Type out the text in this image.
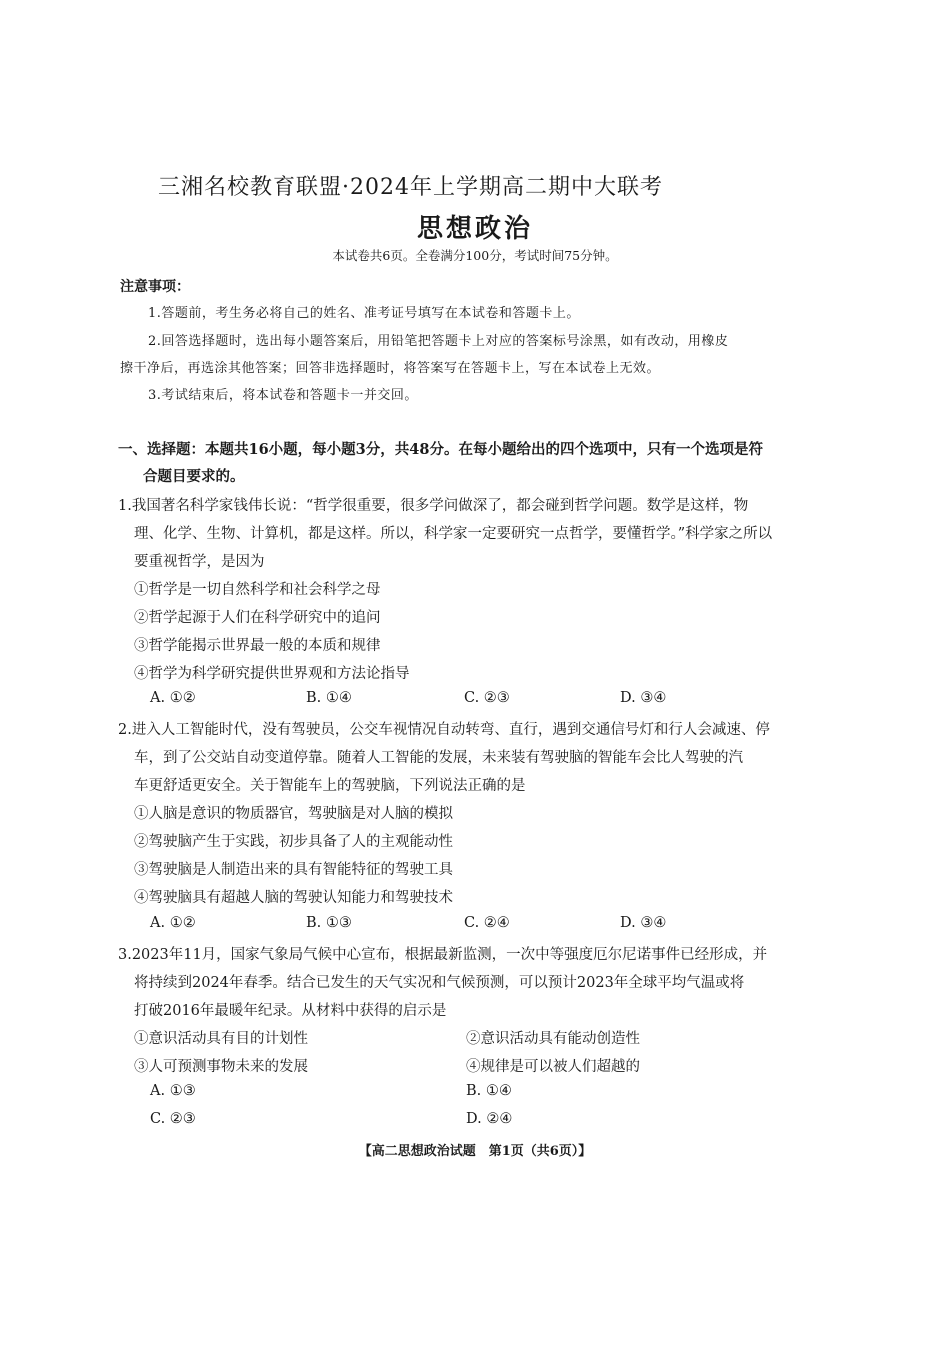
三湘名校教育联盟·2024年上学期高二期中大联考
思想政治
本试卷共6页。全卷满分100分，考试时间75分钟。
注意事项：
1.答题前，考生务必将自己的姓名、准考证号填写在本试卷和答题卡上。
2.回答选择题时，选出每小题答案后，用铅笔把答题卡上对应的答案标号涂黑，如有改动，用橡皮
擦干净后，再选涂其他答案；回答非选择题时，将答案写在答题卡上，写在本试卷上无效。
3.考试结束后，将本试卷和答题卡一并交回。
一、选择题：本题共16小题，每小题3分，共48分。在每小题给出的四个选项中，只有一个选项是符
合题目要求的。
1.我国著名科学家钱伟长说：“哲学很重要，很多学问做深了，都会碰到哲学问题。数学是这样，物
理、化学、生物、计算机，都是这样。所以，科学家一定要研究一点哲学，要懂哲学。”科学家之所以
要重视哲学，是因为
①哲学是一切自然科学和社会科学之母
②哲学起源于人们在科学研究中的追问
③哲学能揭示世界最一般的本质和规律
④哲学为科学研究提供世界观和方法论指导
A. ①②	B. ①④	C. ②③	D. ③④
2.进入人工智能时代，没有驾驶员，公交车视情况自动转弯、直行，遇到交通信号灯和行人会减速、停
车，到了公交站自动变道停靠。随着人工智能的发展，未来装有驾驶脑的智能车会比人驾驶的汽
车更舒适更安全。关于智能车上的驾驶脑，下列说法正确的是
①人脑是意识的物质器官，驾驶脑是对人脑的模拟
②驾驶脑产生于实践，初步具备了人的主观能动性
③驾驶脑是人制造出来的具有智能特征的驾驶工具
④驾驶脑具有超越人脑的驾驶认知能力和驾驶技术
A. ①②	B. ①③	C. ②④	D. ③④
3.2023年11月，国家气象局气候中心宣布，根据最新监测，一次中等强度厄尔尼诺事件已经形成，并
将持续到2024年春季。结合已发生的天气实况和气候预测，可以预计2023年全球平均气温或将
打破2016年最暖年纪录。从材料中获得的启示是
①意识活动具有目的计划性	②意识活动具有能动创造性
③人可预测事物未来的发展	④规律是可以被人们超越的
A. ①③	B. ①④
C. ②③	D. ②④
【高二思想政治试题　第1页（共6页）】
